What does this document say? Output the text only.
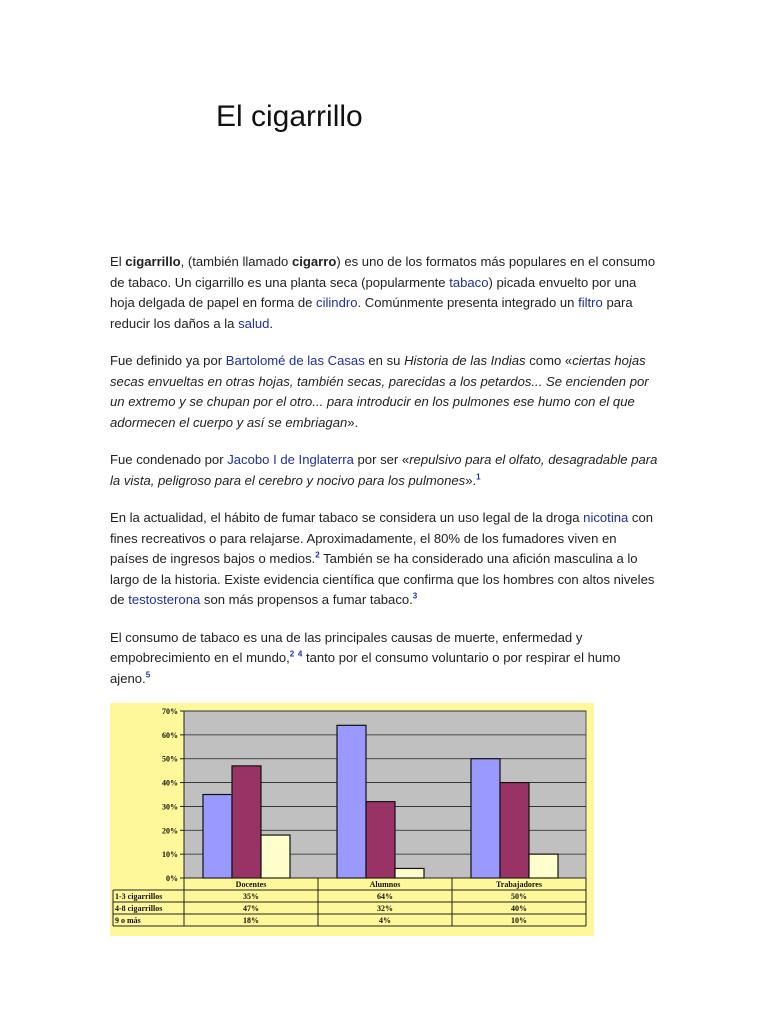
El cigarrillo

El cigarrillo, (también llamado cigarro) es uno de los formatos más populares en el consumo de tabaco. Un cigarrillo es una planta seca (popularmente tabaco) picada envuelto por una hoja delgada de papel en forma de cilindro. Comúnmente presenta integrado un filtro para reducir los daños a la salud.

Fue definido ya por Bartolomé de las Casas en su Historia de las Indias como «ciertas hojas secas envueltas en otras hojas, también secas, parecidas a los petardos... Se encienden por un extremo y se chupan por el otro... para introducir en los pulmones ese humo con el que adormecen el cuerpo y así se embriagan».

Fue condenado por Jacobo I de Inglaterra por ser «repulsivo para el olfato, desagradable para la vista, peligroso para el cerebro y nocivo para los pulmones».$^1$

En la actualidad, el hábito de fumar tabaco se considera un uso legal de la droga nicotina con fines recreativos o para relajarse. Aproximadamente, el 80% de los fumadores viven en países de ingresos bajos o medios.$^2$ También se ha considerado una afición masculina a lo largo de la historia. Existe evidencia científica que confirma que los hombres con altos niveles de testosterona son más propensos a fumar tabaco.$^3$

El consumo de tabaco es una de las principales causas de muerte, enfermedad y empobrecimiento en el mundo,$^2$ $^4$ tanto por el consumo voluntario o por respirar el humo ajeno.$^5$

0%
10%
20%
30%
40%
50%
60%
70%
Docentes	Alumnos	Trabajadores
1-3 cigarrillos	35%	64%	50%
4-8 cigarrillos	47%	32%	40%
9 o más	18%	4%	10%
